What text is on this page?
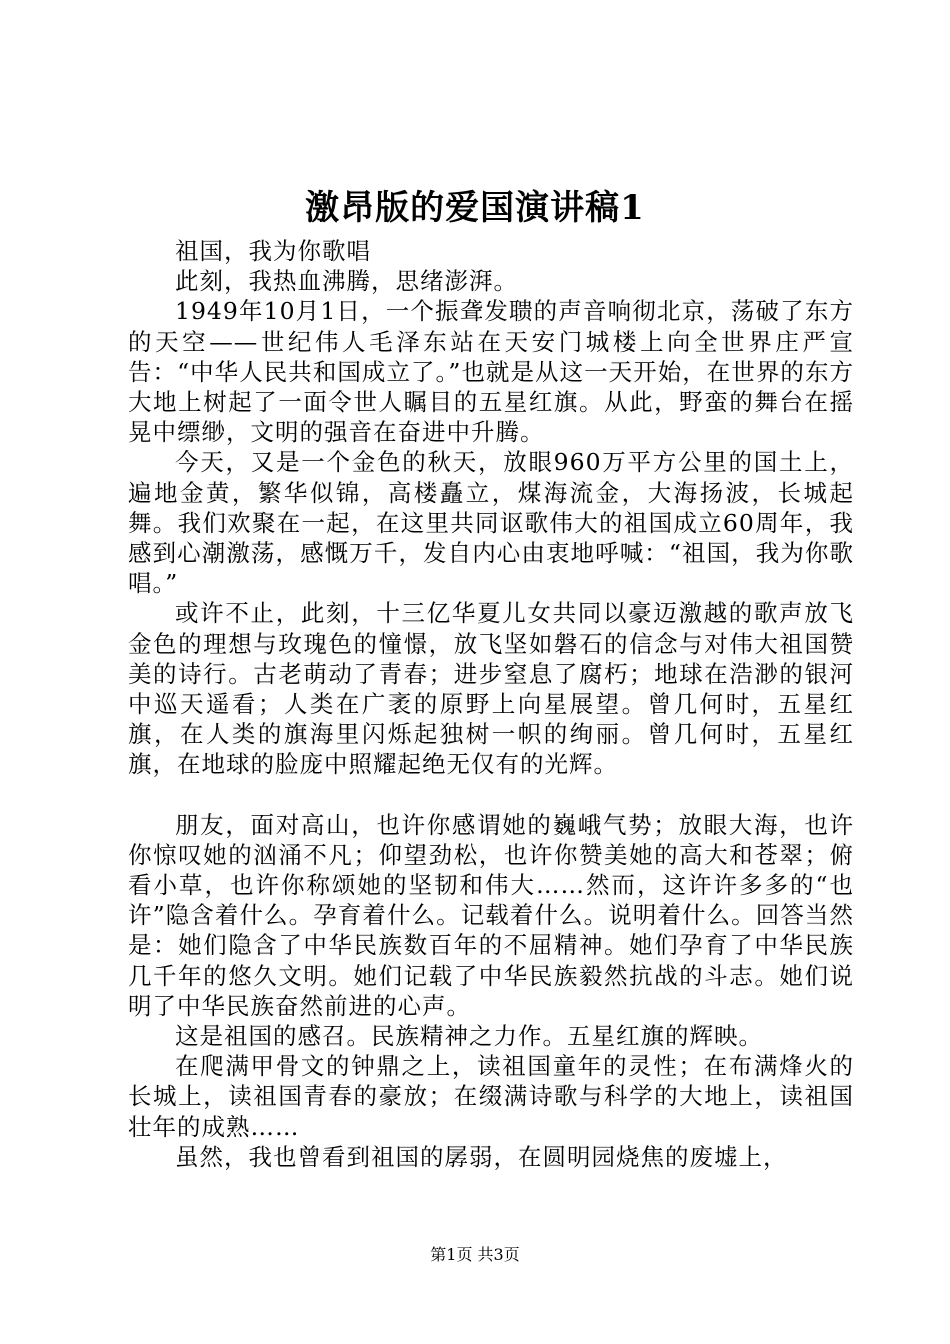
激昂版的爱国演讲稿1

祖国，我为你歌唱

此刻，我热血沸腾，思绪澎湃。

1949年10月1日，一个振聋发聩的声音响彻北京，荡破了东方的天空——世纪伟人毛泽东站在天安门城楼上向全世界庄严宣告：“中华人民共和国成立了。”也就是从这一天开始，在世界的东方大地上树起了一面令世人瞩目的五星红旗。从此，野蛮的舞台在摇晃中缥缈，文明的强音在奋进中升腾。

今天，又是一个金色的秋天，放眼960万平方公里的国土上，遍地金黄，繁华似锦，高楼矗立，煤海流金，大海扬波，长城起舞。我们欢聚在一起，在这里共同讴歌伟大的祖国成立60周年，我感到心潮激荡，感慨万千，发自内心由衷地呼喊：“祖国，我为你歌唱。”

或许不止，此刻，十三亿华夏儿女共同以豪迈激越的歌声放飞金色的理想与玫瑰色的憧憬，放飞坚如磐石的信念与对伟大祖国赞美的诗行。古老萌动了青春；进步窒息了腐朽；地球在浩渺的银河中巡天遥看；人类在广袤的原野上向星展望。曾几何时，五星红旗，在人类的旗海里闪烁起独树一帜的绚丽。曾几何时，五星红旗，在地球的脸庞中照耀起绝无仅有的光辉。

朋友，面对高山，也许你感谓她的巍峨气势；放眼大海，也许你惊叹她的汹涌不凡；仰望劲松，也许你赞美她的高大和苍翠；俯看小草，也许你称颂她的坚韧和伟大……然而，这许许多多的“也许”隐含着什么。孕育着什么。记载着什么。说明着什么。回答当然是：她们隐含了中华民族数百年的不屈精神。她们孕育了中华民族几千年的悠久文明。她们记载了中华民族毅然抗战的斗志。她们说明了中华民族奋然前进的心声。

这是祖国的感召。民族精神之力作。五星红旗的辉映。

在爬满甲骨文的钟鼎之上，读祖国童年的灵性；在布满烽火的长城上，读祖国青春的豪放；在缀满诗歌与科学的大地上，读祖国壮年的成熟……

虽然，我也曾看到祖国的孱弱，在圆明园烧焦的废墟上，

第1页 共3页
